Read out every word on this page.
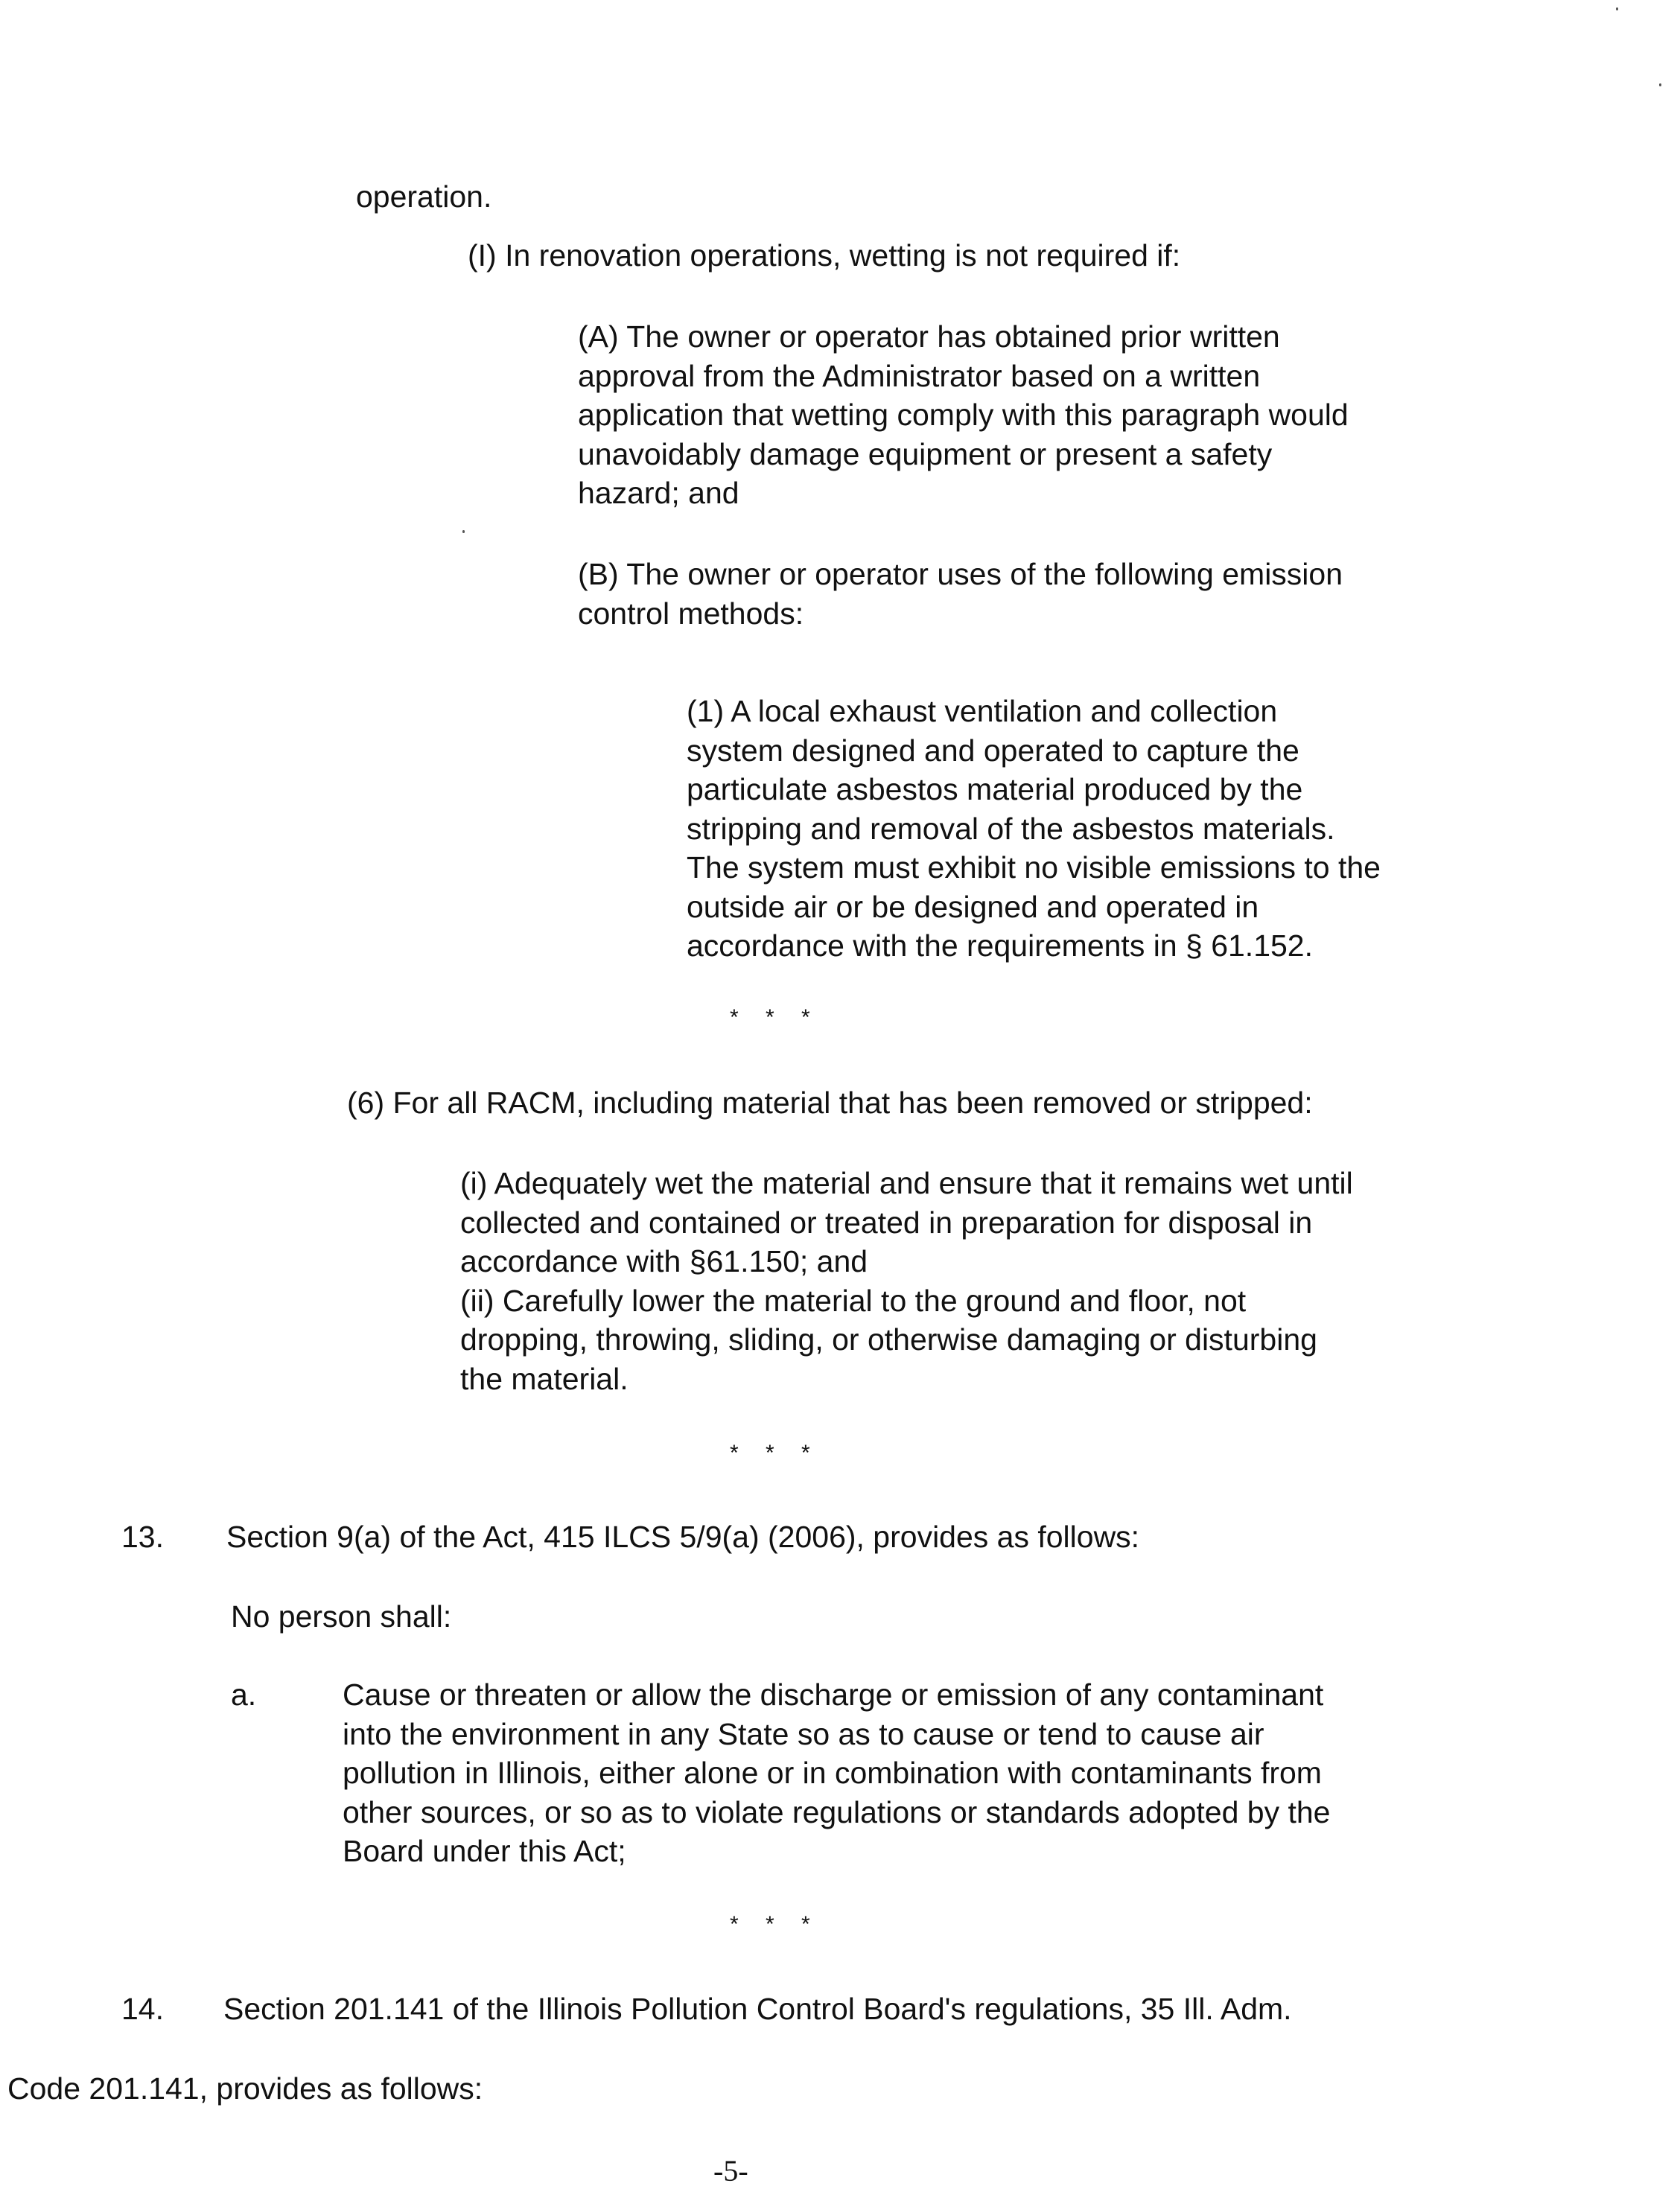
operation.

(I) In renovation operations, wetting is not required if:

(A) The owner or operator has obtained prior written
approval from the Administrator based on a written
application that wetting comply with this paragraph would
unavoidably damage equipment or present a safety
hazard; and
(B) The owner or operator uses of the following emission
control methods:
(1) A local exhaust ventilation and collection
system designed and operated to capture the
particulate asbestos material produced by the
stripping and removal of the asbestos materials.
The system must exhibit no visible emissions to the
outside air or be designed and operated in
accordance with the requirements in § 61.152.
* * *

(6) For all RACM, including material that has been removed or stripped:

(i) Adequately wet the material and ensure that it remains wet until
collected and contained or treated in preparation for disposal in
accordance with §61.150; and
(ii) Carefully lower the material to the ground and floor, not
dropping, throwing, sliding, or otherwise damaging or disturbing
the material.
* * *

13. Section 9(a) of the Act, 415 ILCS 5/9(a) (2006), provides as follows:

No person shall:

a.	Cause or threaten or allow the discharge or emission of any contaminant
into the environment in any State so as to cause or tend to cause air
pollution in Illinois, either alone or in combination with contaminants from
other sources, or so as to violate regulations or standards adopted by the
Board under this Act;
* * *

14. Section 201.141 of the Illinois Pollution Control Board's regulations, 35 Ill. Adm.

Code 201.141, provides as follows:

-5-
